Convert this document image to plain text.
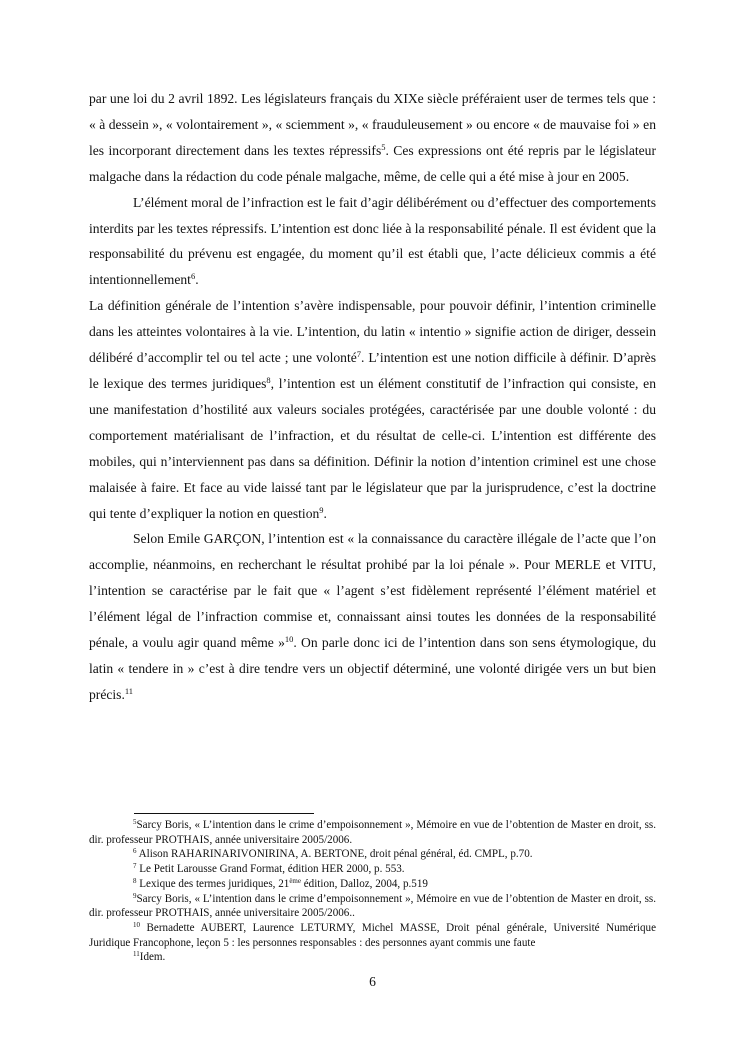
par une loi du 2 avril 1892. Les législateurs français du XIXe siècle préféraient user de termes tels que : « à dessein », « volontairement », « sciemment », « frauduleusement » ou encore « de mauvaise foi » en les incorporant directement dans les textes répressifs$^5$. Ces expressions ont été repris par le législateur malgache dans la rédaction du code pénale malgache, même, de celle qui a été mise à jour en 2005.

L’élément moral de l’infraction est le fait d’agir délibérément ou d’effectuer des comportements interdits par les textes répressifs. L’intention est donc liée à la responsabilité pénale. Il est évident que la responsabilité du prévenu est engagée, du moment qu’il est établi que, l’acte délicieux commis a été intentionnellement$^6$.

La définition générale de l’intention s’avère indispensable, pour pouvoir définir, l’intention criminelle dans les atteintes volontaires à la vie. L’intention, du latin « intentio » signifie action de diriger, dessein délibéré d’accomplir tel ou tel acte ; une volonté$^7$. L’intention est une notion difficile à définir. D’après le lexique des termes juridiques$^8$, l’intention est un élément constitutif de l’infraction qui consiste, en une manifestation d’hostilité aux valeurs sociales protégées, caractérisée par une double volonté : du comportement matérialisant de l’infraction, et du résultat de celle-ci. L’intention est différente des mobiles, qui n’interviennent pas dans sa définition. Définir la notion d’intention criminel est une chose malaisée à faire. Et face au vide laissé tant par le législateur que par la jurisprudence, c’est la doctrine qui tente d’expliquer la notion en question$^9$.

Selon Emile GARÇON, l’intention est « la connaissance du caractère illégale de l’acte que l’on accomplie, néanmoins, en recherchant le résultat prohibé par la loi pénale ». Pour MERLE et VITU, l’intention se caractérise par le fait que « l’agent s’est fidèlement représenté l’élément matériel et l’élément légal de l’infraction commise et, connaissant ainsi toutes les données de la responsabilité pénale, a voulu agir quand même »$^{10}$. On parle donc ici de l’intention dans son sens étymologique, du latin « tendere in » c’est à dire tendre vers un objectif déterminé, une volonté dirigée vers un but bien précis.$^{11}$

$^5$Sarcy Boris, « L’intention dans le crime d’empoisonnement », Mémoire en vue de l’obtention de Master en droit, ss. dir. professeur PROTHAIS, année universitaire 2005/2006.

$^6$ Alison RAHARINARIVONIRINA, A. BERTONE, droit pénal général, éd. CMPL, p.70.

$^7$ Le Petit Larousse Grand Format, édition HER 2000, p. 553.

$^8$ Lexique des termes juridiques, 21ème édition, Dalloz, 2004, p.519

$^9$Sarcy Boris, « L’intention dans le crime d’empoisonnement », Mémoire en vue de l’obtention de Master en droit, ss. dir. professeur PROTHAIS, année universitaire 2005/2006..

$^{10}$ Bernadette AUBERT, Laurence LETURMY, Michel MASSE, Droit pénal générale, Université Numérique Juridique Francophone, leçon 5 : les personnes responsables : des personnes ayant commis une faute

$^{11}$Idem.

6
